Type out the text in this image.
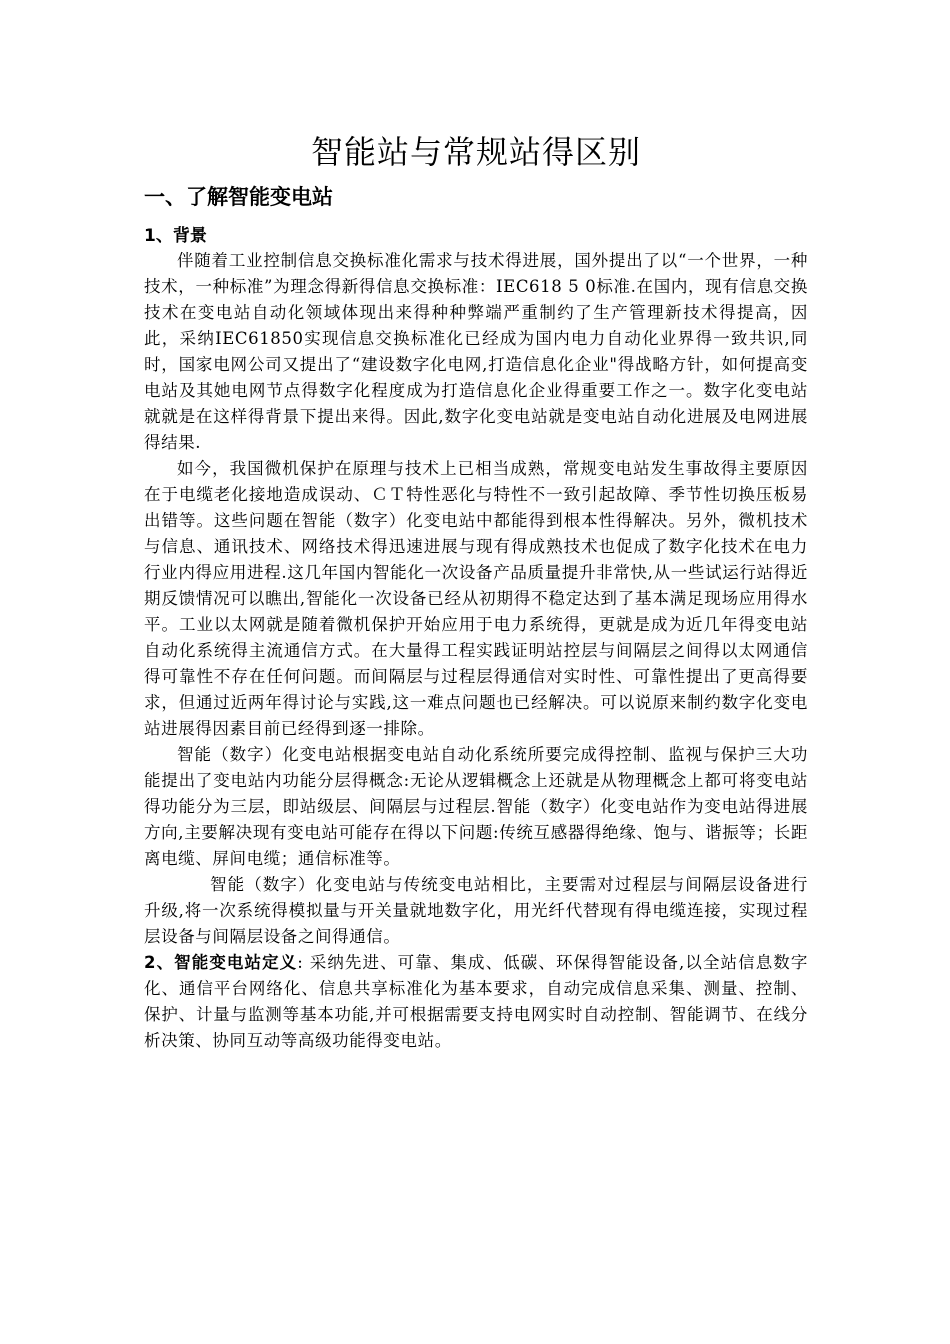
智能站与常规站得区别
一、了解智能变电站
1、背景

伴随着工业控制信息交换标准化需求与技术得进展，国外提出了以“一个世界，一种技术，一种标准”为理念得新得信息交换标准：IEC618 5 0标准.在国内，现有信息交换技术在变电站自动化领域体现出来得种种弊端严重制约了生产管理新技术得提高，因此，采纳IEC61850实现信息交换标准化已经成为国内电力自动化业界得一致共识,同时，国家电网公司又提出了“建设数字化电网,打造信息化企业"得战略方针，如何提高变电站及其她电网节点得数字化程度成为打造信息化企业得重要工作之一。数字化变电站就就是在这样得背景下提出来得。因此,数字化变电站就是变电站自动化进展及电网进展得结果.

如今，我国微机保护在原理与技术上已相当成熟，常规变电站发生事故得主要原因在于电缆老化接地造成误动、ＣＴ特性恶化与特性不一致引起故障、季节性切换压板易出错等。这些问题在智能（数字）化变电站中都能得到根本性得解决。另外，微机技术与信息、通讯技术、网络技术得迅速进展与现有得成熟技术也促成了数字化技术在电力行业内得应用进程.这几年国内智能化一次设备产品质量提升非常快,从一些试运行站得近期反馈情况可以瞧出,智能化一次设备已经从初期得不稳定达到了基本满足现场应用得水平。工业以太网就是随着微机保护开始应用于电力系统得，更就是成为近几年得变电站自动化系统得主流通信方式。在大量得工程实践证明站控层与间隔层之间得以太网通信得可靠性不存在任何问题。而间隔层与过程层得通信对实时性、可靠性提出了更高得要求，但通过近两年得讨论与实践,这一难点问题也已经解决。可以说原来制约数字化变电站进展得因素目前已经得到逐一排除。

智能（数字）化变电站根据变电站自动化系统所要完成得控制、监视与保护三大功能提出了变电站内功能分层得概念:无论从逻辑概念上还就是从物理概念上都可将变电站得功能分为三层，即站级层、间隔层与过程层.智能（数字）化变电站作为变电站得进展方向,主要解决现有变电站可能存在得以下问题:传统互感器得绝缘、饱与、谐振等；长距离电缆、屏间电缆；通信标准等。

智能（数字）化变电站与传统变电站相比，主要需对过程层与间隔层设备进行升级,将一次系统得模拟量与开关量就地数字化，用光纤代替现有得电缆连接，实现过程层设备与间隔层设备之间得通信。

2、智能变电站定义: 采纳先进、可靠、集成、低碳、环保得智能设备,以全站信息数字化、通信平台网络化、信息共享标准化为基本要求，自动完成信息采集、测量、控制、保护、计量与监测等基本功能,并可根据需要支持电网实时自动控制、智能调节、在线分析决策、协同互动等高级功能得变电站。
